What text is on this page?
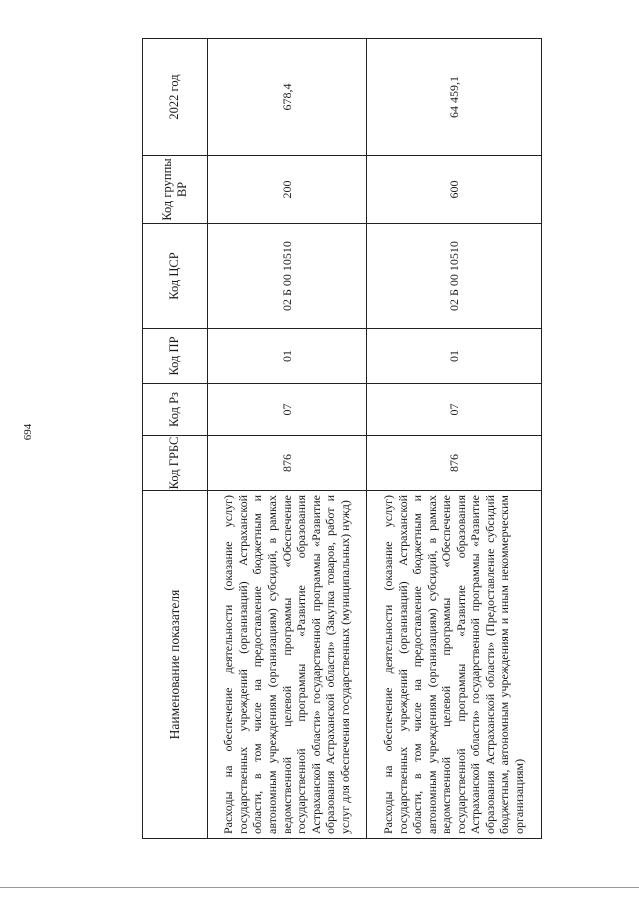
694
Наименование показателя	Код ГРБС	Код Рз	Код ПР	Код ЦСР	Код группы ВР	2022 год
Расходы на обеспечение деятельности (оказание услуг) государственных учреждений (организаций) Астраханской области, в том числе на предоставление бюджетным и автономным учреждениям (организациям) субсидий, в рамках ведомственной целевой программы «Обеспечение государственной программы «Развитие образования Астраханской области» государственной программы «Развитие образования Астраханской области» (Закупка товаров, работ и услуг для обеспечения государственных (муниципальных) нужд)	876	07	01	02 Б 00 10510	200	678,4
Расходы на обеспечение деятельности (оказание услуг) государственных учреждений (организаций) Астраханской области, в том числе на предоставление бюджетным и автономным учреждениям (организациям) субсидий, в рамках ведомственной целевой программы «Обеспечение государственной программы «Развитие образования Астраханской области» государственной программы «Развитие образования Астраханской области» (Предоставление субсидий бюджетным, автономным учреждениям и иным некоммерческим организациям)	876	07	01	02 Б 00 10510	600	64 459,1
